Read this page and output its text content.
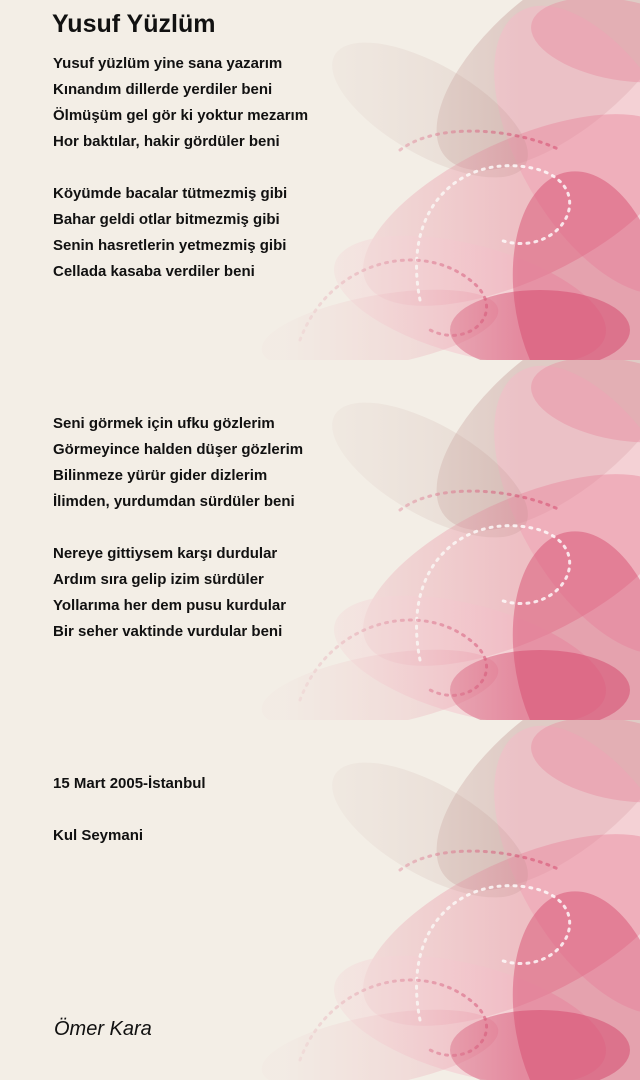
Yusuf Yüzlüm
Yusuf yüzlüm yine sana yazarım
Kınandım dillerde yerdiler beni
Ölmüşüm gel gör ki yoktur mezarım
Hor baktılar, hakir gördüler beni
Köyümde bacalar tütmezmiş gibi
Bahar geldi otlar bitmezmiş gibi
Senin hasretlerin yetmezmiş gibi
Cellada kasaba verdiler beni
Seni görmek için ufku gözlerim
Görmeyince halden düşer gözlerim
Bilinmeze yürür gider dizlerim
İlimden, yurdumdan sürdüler beni
Nereye gittiysem karşı durdular
Ardım sıra gelip izim sürdüler
Yollarıma her dem pusu kurdular
Bir seher vaktinde vurdular beni
15 Mart 2005-İstanbul
Kul Seymani
Ömer Kara
